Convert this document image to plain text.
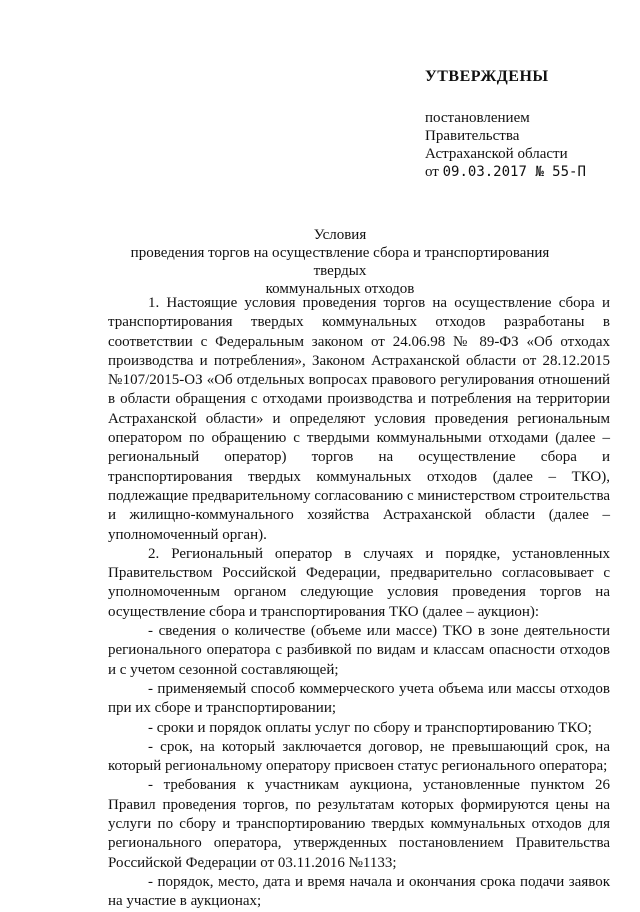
УТВЕРЖДЕНЫ
постановлением
Правительства
Астраханской области
от 09.03.2017 № 55-П
Условия
проведения торгов на осуществление сбора и транспортирования твердых
коммунальных отходов

1. Настоящие условия проведения торгов на осуществление сбора и транспортирования твердых коммунальных отходов разработаны в соответствии с Федеральным законом от 24.06.98 № 89-ФЗ «Об отходах производства и потребления», Законом Астраханской области от 28.12.2015 №107/2015-ОЗ «Об отдельных вопросах правового регулирования отношений в области обращения с отходами производства и потребления на территории Астраханской области» и определяют условия проведения региональным оператором по обращению с твердыми коммунальными отходами (далее – региональный оператор) торгов на осуществление сбора и транспортирования твердых коммунальных отходов (далее – ТКО), подлежащие предварительному согласованию с министерством строительства и жилищно-коммунального хозяйства Астраханской области (далее – уполномоченный орган).

2. Региональный оператор в случаях и порядке, установленных Правительством Российской Федерации, предварительно согласовывает с уполномоченным органом следующие условия проведения торгов на осуществление сбора и транспортирования ТКО (далее – аукцион):

- сведения о количестве (объеме или массе) ТКО в зоне деятельности регионального оператора с разбивкой по видам и классам опасности отходов и с учетом сезонной составляющей;

- применяемый способ коммерческого учета объема или массы отходов при их сборе и транспортировании;

- сроки и порядок оплаты услуг по сбору и транспортированию ТКО;

- срок, на который заключается договор, не превышающий срок, на который региональному оператору присвоен статус регионального оператора;

- требования к участникам аукциона, установленные пунктом 26 Правил проведения торгов, по результатам которых формируются цены на услуги по сбору и транспортированию твердых коммунальных отходов для регионального оператора, утвержденных постановлением Правительства Российской Федерации от 03.11.2016 №1133;

- порядок, место, дата и время начала и окончания срока подачи заявок на участие в аукционах;
